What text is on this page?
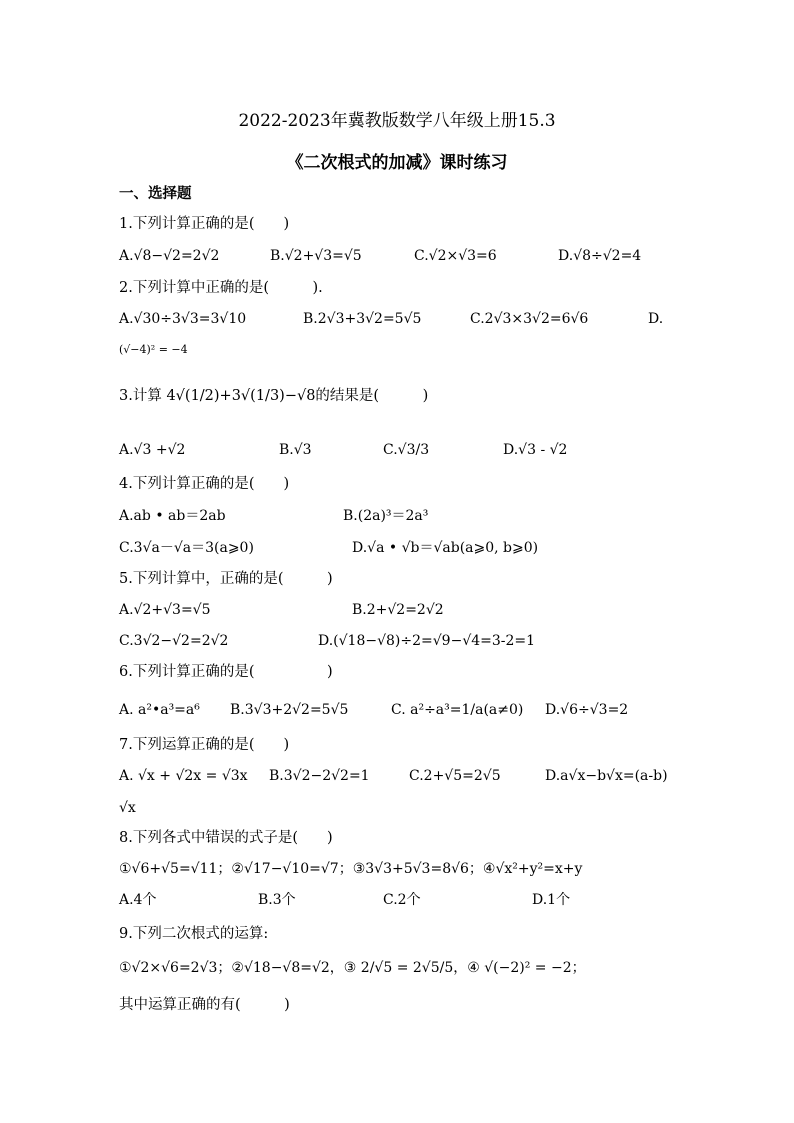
2022-2023年冀教版数学八年级上册15.3
《二次根式的加减》课时练习
一、选择题
1.下列计算正确的是(　　)
A.√8−√2=2√2	B.√2+√3=√5	C.√2×√3=6	D.√8÷√2=4
2.下列计算中正确的是(　　　).
A.√30÷3√3=3√10	B.2√3+3√2=5√5	C.2√3×3√2=6√6	D.
(√−4)² = −4
3.计算 4√(1/2)+3√(1/3)−√8的结果是(　　　)
A.√3 +√2	B.√3	C.√3/3	D.√3 - √2
4.下列计算正确的是(　　)
A.ab • ab＝2ab	B.(2a)³＝2a³
C.3√a－√a＝3(a⩾0)	D.√a • √b＝√ab(a⩾0, b⩾0)
5.下列计算中，正确的是(　　　)
A.√2+√3=√5	B.2+√2=2√2
C.3√2−√2=2√2	D.(√18−√8)÷2=√9−√4=3-2=1
6.下列计算正确的是(　　　　　)
A. a²•a³=a⁶ B.3√3+2√2=5√5	C. a²÷a³=1/a(a≠0) D.√6÷√3=2
7.下列运算正确的是(　　)
A. √x + √2x = √3x B.3√2−2√2=1	C.2+√5=2√5	D.a√x−b√x=(a-b)
√x
8.下列各式中错误的式子是(　　)
①√6+√5=√11；②√17−√10=√7；③3√3+5√3=8√6；④√x²+y²=x+y
A.4个	B.3个	C.2个	D.1个
9.下列二次根式的运算:
①√2×√6=2√3；②√18−√8=√2，③ 2/√5 = 2√5/5，④ √(−2)² = −2；
其中运算正确的有(　　　)
